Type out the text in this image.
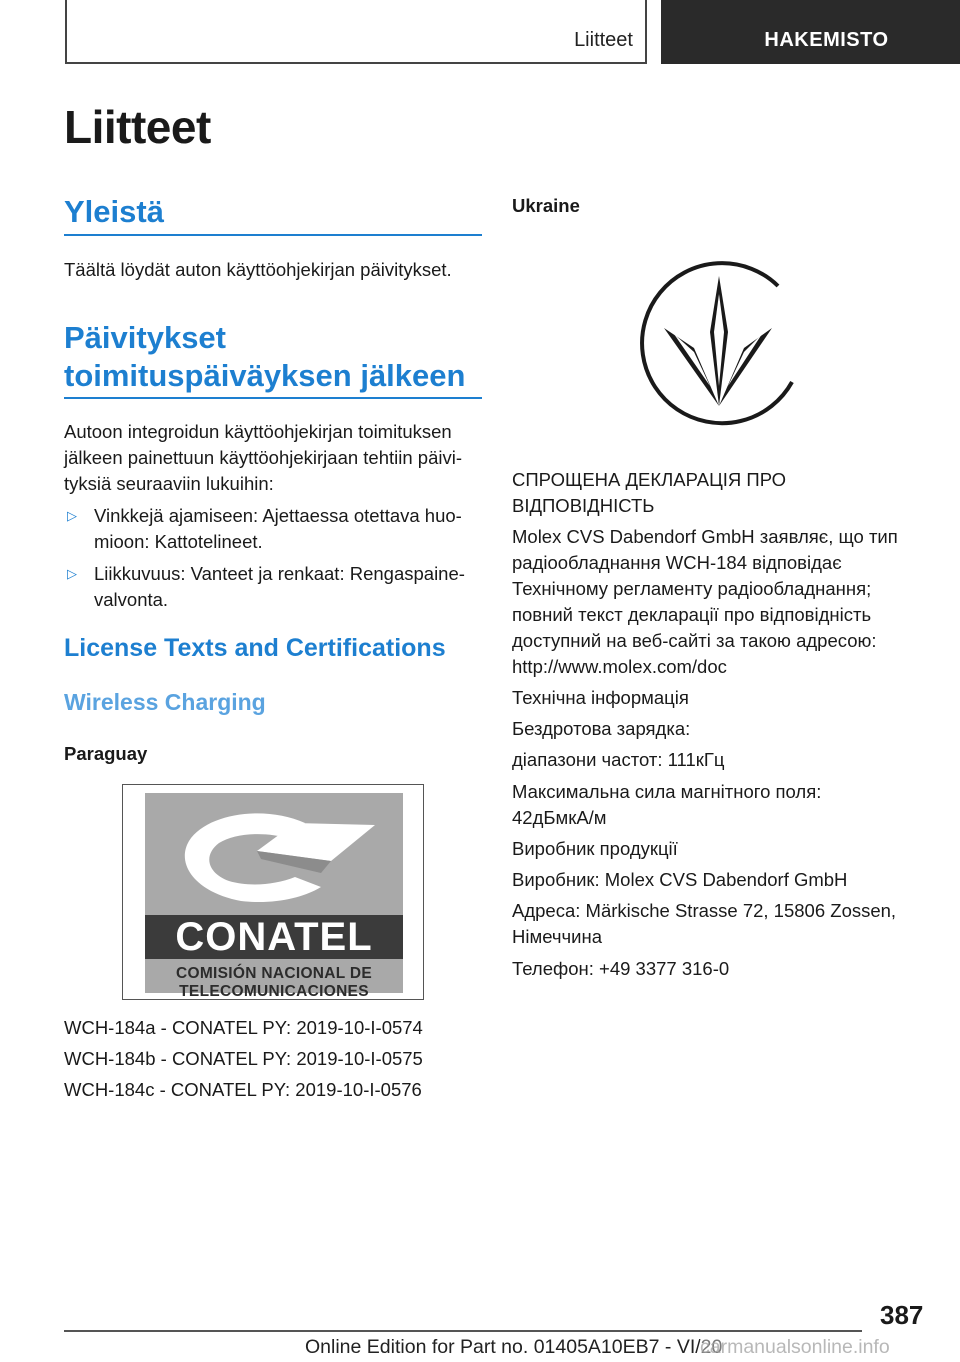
Liitteet	HAKEMISTO
Liitteet
Yleistä

Täältä löydät auton käyttöohjekirjan päivitykset.

Päivitykset
toimituspäiväyksen jälkeen

Autoon integroidun käyttöohjekirjan toimituksen

jälkeen painettuun käyttöohjekirjaan tehtiin päivi-

tyksiä seuraaviin lukuihin:

▷ Vinkkejä ajamiseen: Ajettaessa otettava huo-

mioon: Kattotelineet.

▷ Liikkuvuus: Vanteet ja renkaat: Rengaspaine-

valvonta.

License Texts and Certifications
Wireless Charging
Paraguay
CONATEL
COMISIÓN NACIONAL DE
TELECOMUNICACIONES

WCH-184a - CONATEL PY: 2019-10-I-0574

WCH-184b - CONATEL PY: 2019-10-I-0575

WCH-184c - CONATEL PY: 2019-10-I-0576

Ukraine

СПРОЩЕНА ДЕКЛАРАЦІЯ ПРО

ВІДПОВІДНІСТЬ

Molex CVS Dabendorf GmbH заявляє, що тип

радіообладнання WCH-184 відповідає

Технічному регламенту радіообладнання;

повний текст декларації про відповідність

доступний на веб-сайті за такою адресою:

http://www.molex.com/doc

Технічна інформація

Бездротова зарядка:

діапазони частот: 111кГц

Максимальна сила магнітного поля:

42дБмкА/м

Виробник продукції

Виробник: Molex CVS Dabendorf GmbH

Адреса: Märkische Strasse 72, 15806 Zossen,

Німеччина

Телефон: +49 3377 316-0

387
Online Edition for Part no. 01405A10EB7 - VI/20
carmanualsonline.info
